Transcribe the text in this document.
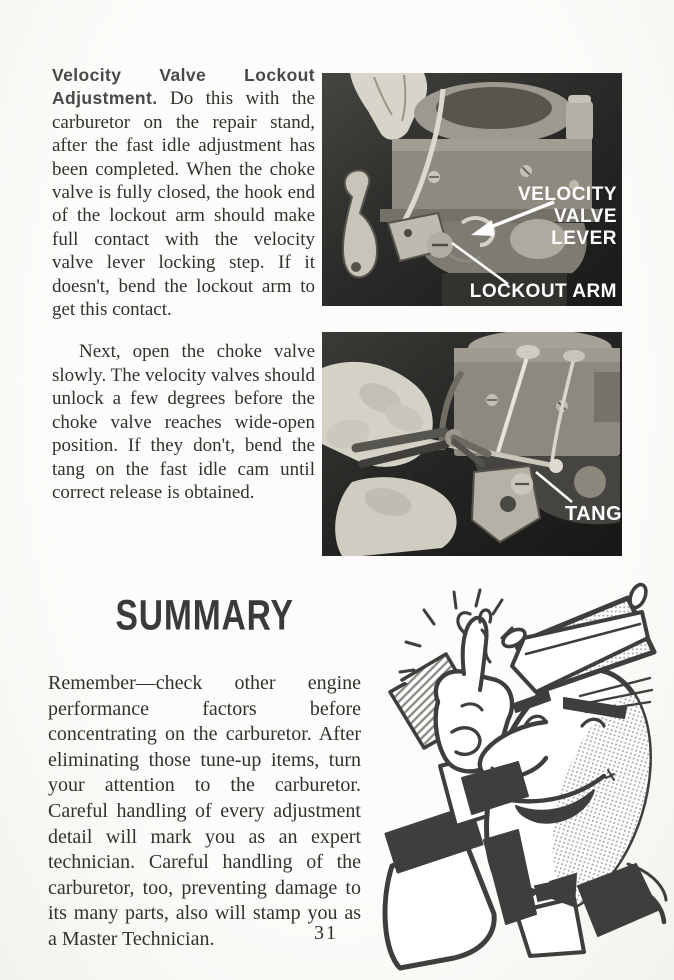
Velocity Valve Lockout Adjustment. Do this with the carburetor on the repair stand, after the fast idle adjustment has been completed. When the choke valve is fully closed, the hook end of the lockout arm should make full contact with the velocity valve lever locking step. If it doesn't, bend the lockout arm to get this contact.

Next, open the choke valve slowly. The velocity valves should unlock a few degrees before the choke valve reaches wide-open position. If they don't, bend the tang on the fast idle cam until correct release is obtained.

VELOCITY
VALVE
LEVER
LOCKOUT ARM
TANG
SUMMARY

Remember—check other engine performance factors before concentrating on the carburetor. After eliminating those tune-up items, turn your attention to the carburetor. Careful handling of every adjustment detail will mark you as an expert technician. Careful handling of the carburetor, too, preventing damage to its many parts, also will stamp you as a Master Technician.	31
